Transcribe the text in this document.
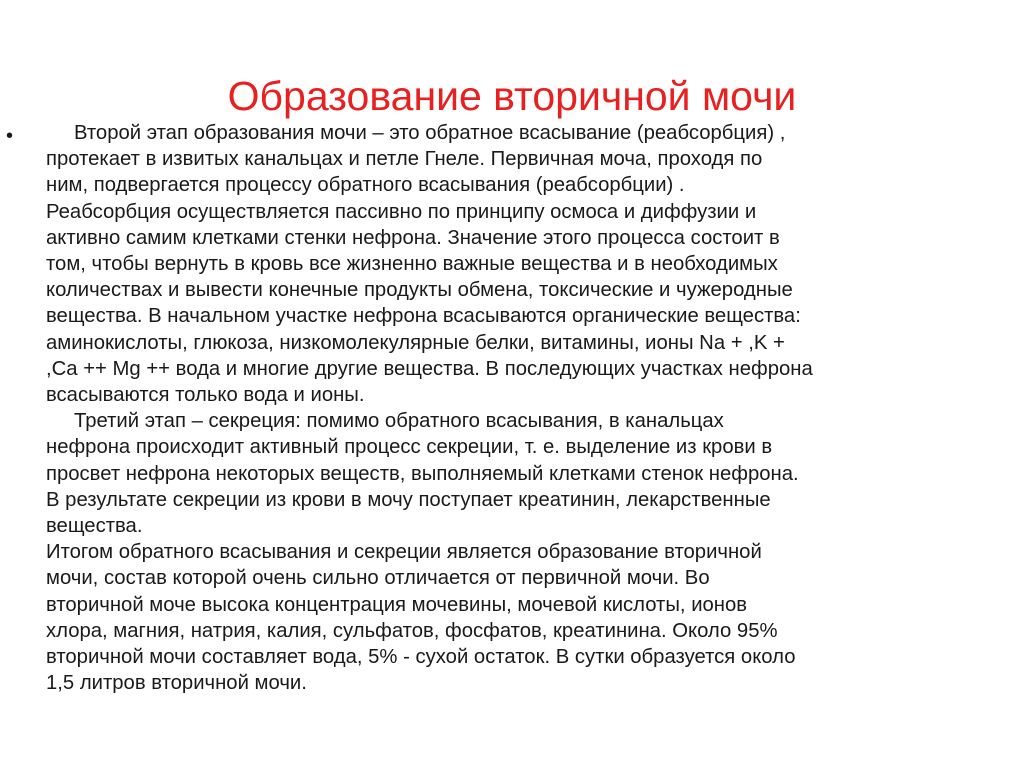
Образование вторичной мочи
•	Второй этап образования мочи – это обратное всасывание (реабсорбция) ,
протекает в извитых канальцах и петле Гнеле. Первичная моча, проходя по
ним, подвергается процессу обратного всасывания (реабсорбции) .
Реабсорбция осуществляется пассивно по принципу осмоса и диффузии и
активно самим клетками стенки нефрона. Значение этого процесса состоит в
том, чтобы вернуть в кровь все жизненно важные вещества и в необходимых
количествах и вывести конечные продукты обмена, токсические и чужеродные
вещества. В начальном участке нефрона всасываются органические вещества:
аминокислоты, глюкоза, низкомолекулярные белки, витамины, ионы Na + ,K +
,Ca ++ Mg ++ вода и многие другие вещества. В последующих участках нефрона
всасываются только вода и ионы.
Третий этап – секреция: помимо обратного всасывания, в канальцах
нефрона происходит активный процесс секреции, т. е. выделение из крови в
просвет нефрона некоторых веществ, выполняемый клетками стенок нефрона.
В результате секреции из крови в мочу поступает креатинин, лекарственные
вещества.
Итогом обратного всасывания и секреции является образование вторичной
мочи, состав которой очень сильно отличается от первичной мочи. Во
вторичной моче высока концентрация мочевины, мочевой кислоты, ионов
хлора, магния, натрия, калия, сульфатов, фосфатов, креатинина. Около 95%
вторичной мочи составляет вода, 5% - сухой остаток. В сутки образуется около
1,5 литров вторичной мочи.
